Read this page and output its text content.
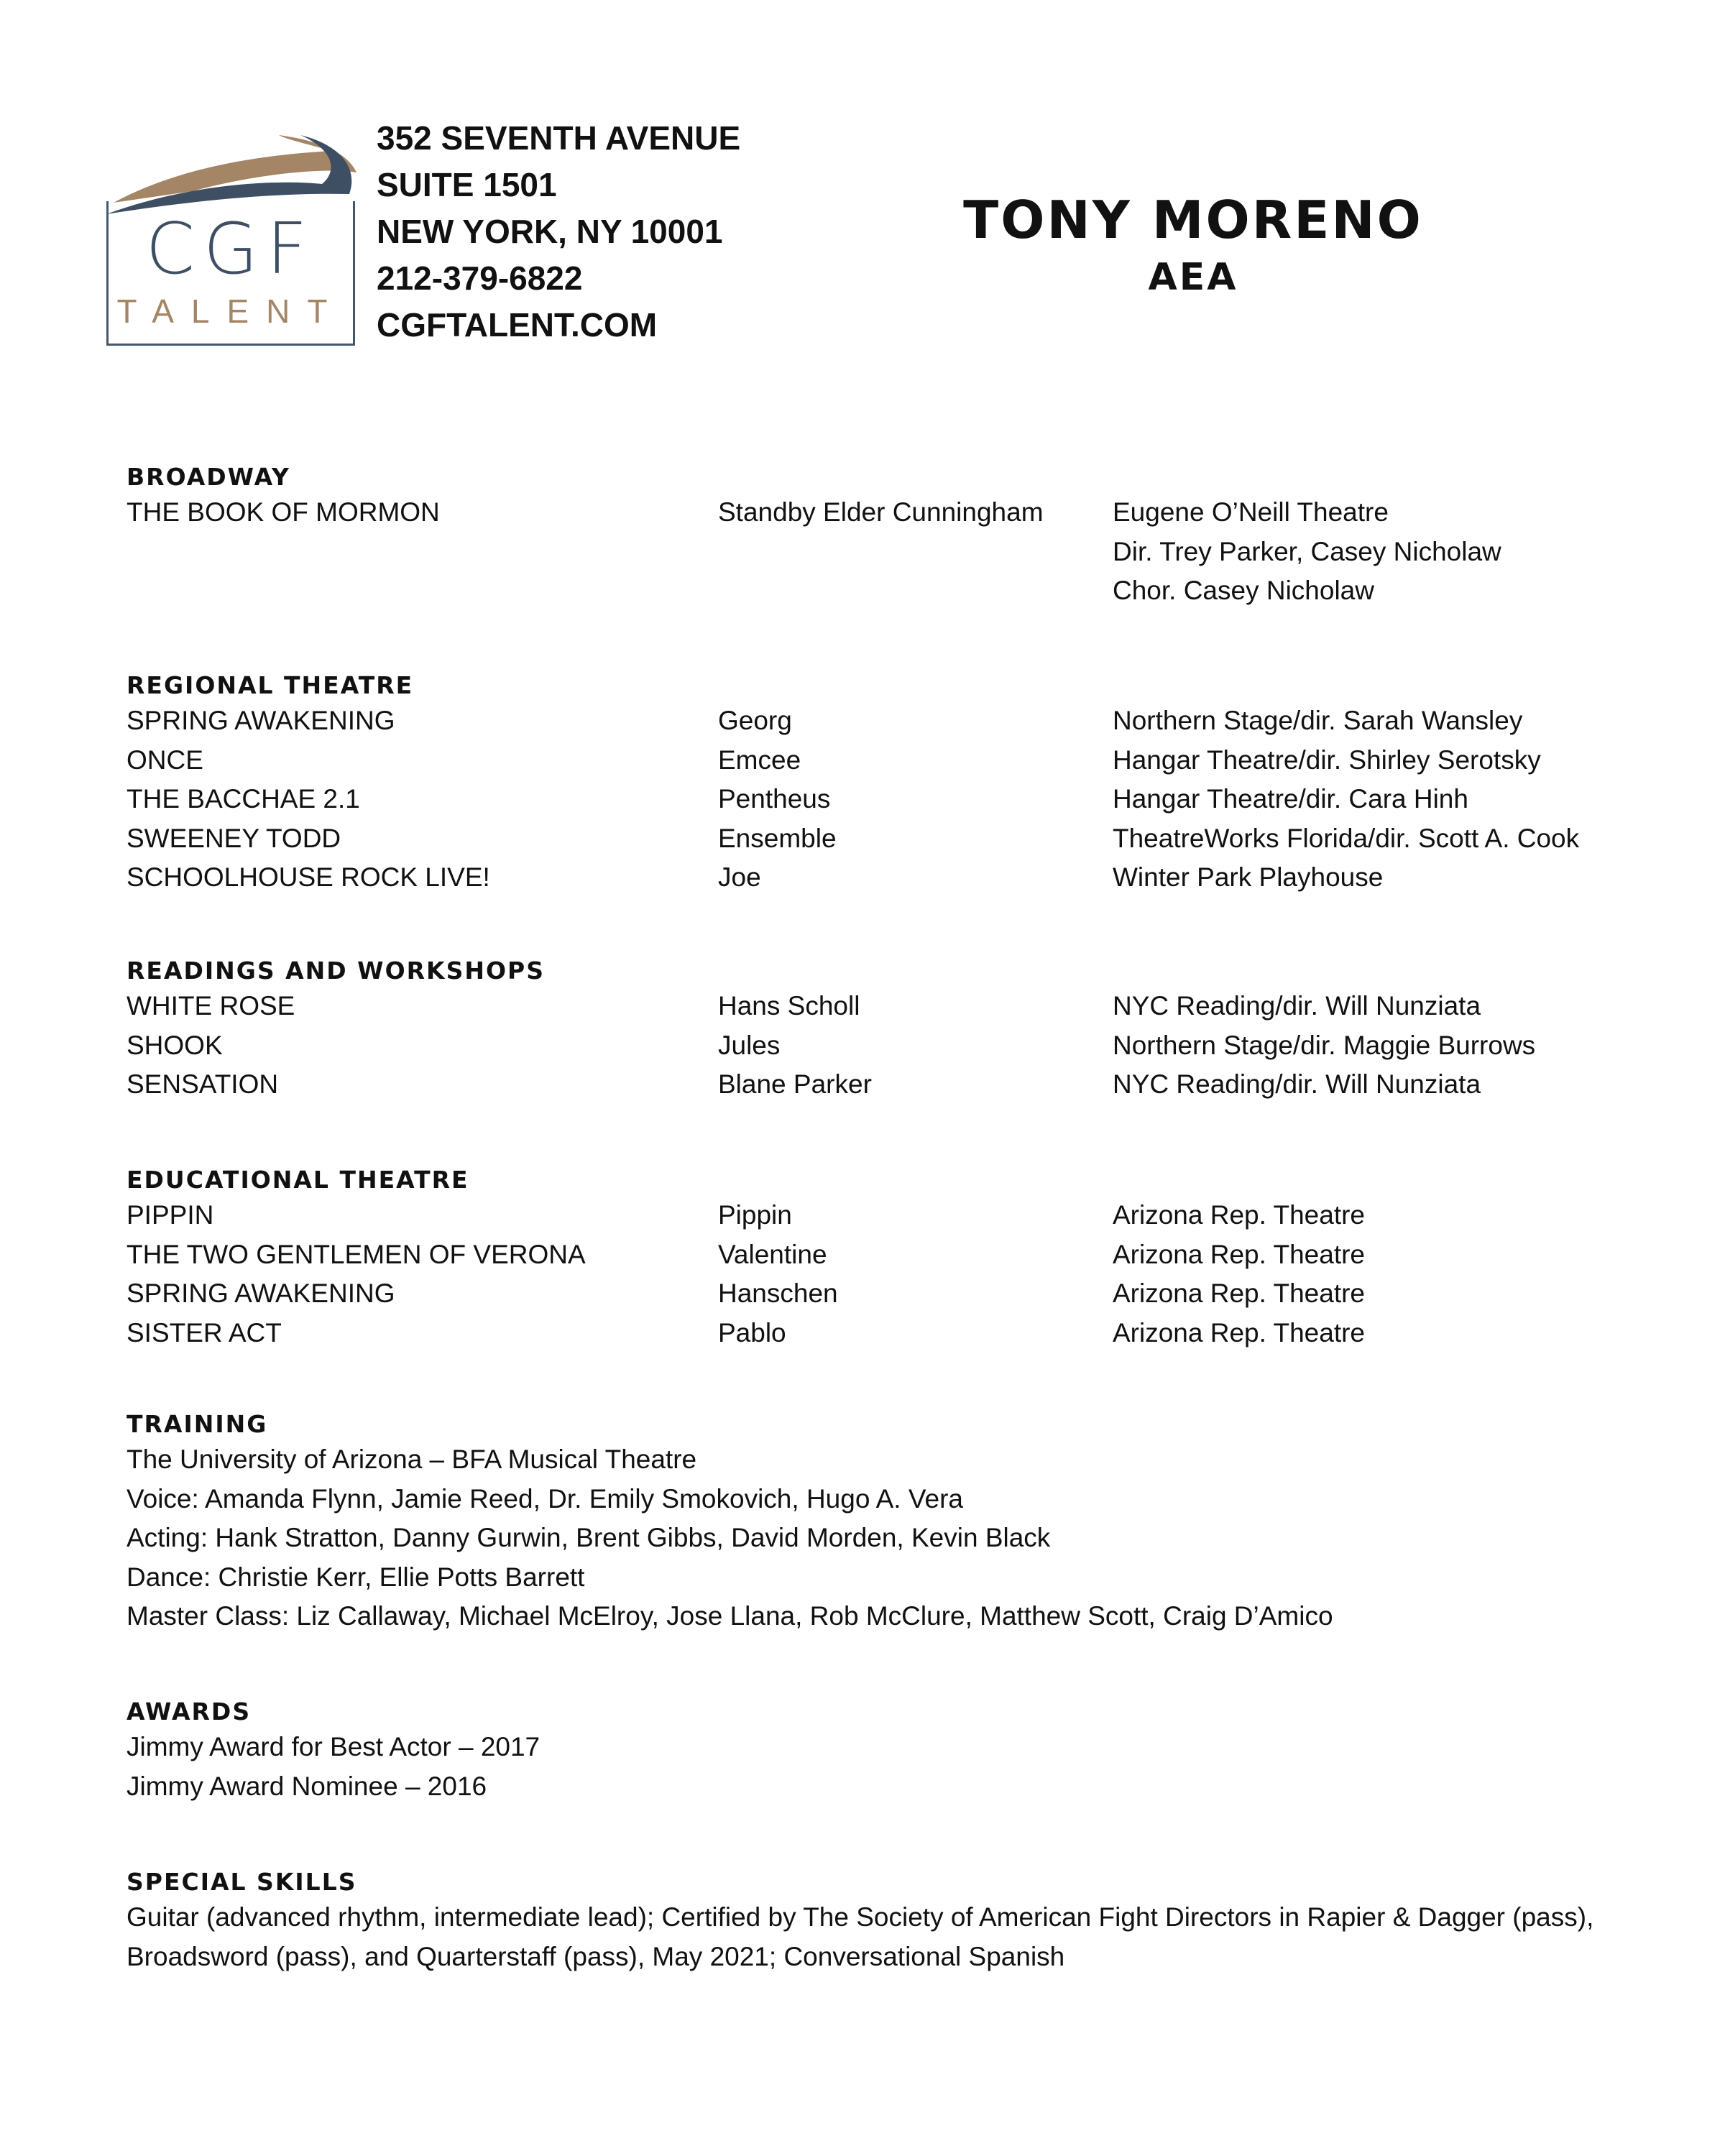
CGF
TALENT
352 SEVENTH AVENUE
SUITE 1501
NEW YORK, NY 10001
212-379-6822
CGFTALENT.COM
TONY MORENO
AEA
BROADWAY
THE BOOK OF MORMON	Standby Elder Cunningham	Eugene O’Neill Theatre
Dir. Trey Parker, Casey Nicholaw
Chor. Casey Nicholaw
REGIONAL THEATRE
SPRING AWAKENING	Georg	Northern Stage/dir. Sarah Wansley
ONCE	Emcee	Hangar Theatre/dir. Shirley Serotsky
THE BACCHAE 2.1	Pentheus	Hangar Theatre/dir. Cara Hinh
SWEENEY TODD	Ensemble	TheatreWorks Florida/dir. Scott A. Cook
SCHOOLHOUSE ROCK LIVE!	Joe	Winter Park Playhouse
READINGS AND WORKSHOPS
WHITE ROSE	Hans Scholl	NYC Reading/dir. Will Nunziata
SHOOK	Jules	Northern Stage/dir. Maggie Burrows
SENSATION	Blane Parker	NYC Reading/dir. Will Nunziata
EDUCATIONAL THEATRE
PIPPIN	Pippin	Arizona Rep. Theatre
THE TWO GENTLEMEN OF VERONA	Valentine	Arizona Rep. Theatre
SPRING AWAKENING	Hanschen	Arizona Rep. Theatre
SISTER ACT	Pablo	Arizona Rep. Theatre
TRAINING
The University of Arizona – BFA Musical Theatre
Voice: Amanda Flynn, Jamie Reed, Dr. Emily Smokovich, Hugo A. Vera
Acting: Hank Stratton, Danny Gurwin, Brent Gibbs, David Morden, Kevin Black
Dance: Christie Kerr, Ellie Potts Barrett
Master Class: Liz Callaway, Michael McElroy, Jose Llana, Rob McClure, Matthew Scott, Craig D’Amico
AWARDS
Jimmy Award for Best Actor – 2017
Jimmy Award Nominee – 2016
SPECIAL SKILLS
Guitar (advanced rhythm, intermediate lead); Certified by The Society of American Fight Directors in Rapier & Dagger (pass), Broadsword (pass), and Quarterstaff (pass), May 2021; Conversational Spanish
